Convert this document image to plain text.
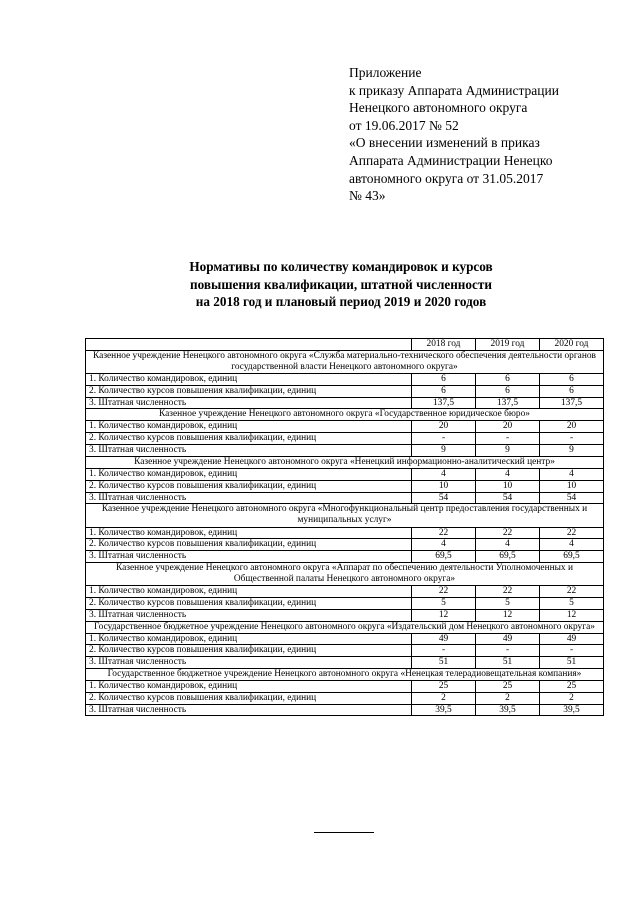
Приложение
к приказу Аппарата Администрации
Ненецкого автономного округа
от 19.06.2017 № 52
«О внесении изменений в приказ
Аппарата Администрации Ненецко
автономного округа от 31.05.2017
№ 43»
Нормативы по количеству командировок и курсов
повышения квалификации, штатной численности
на 2018 год и плановый период 2019 и 2020 годов
	2018 год	2019 год	2020 год
Казенное учреждение Ненецкого автономного округа «Служба материально-технического обеспечения деятельности органов государственной власти Ненецкого автономного округа»			
1. Количество командировок, единиц	6	6	6
2. Количество курсов повышения квалификации, единиц	6	6	6
3. Штатная численность	137,5	137,5	137,5
Казенное учреждение Ненецкого автономного округа «Государственное юридическое бюро»			
1. Количество командировок, единиц	20	20	20
2. Количество курсов повышения квалификации, единиц	-	-	-
3. Штатная численность	9	9	9
Казенное учреждение Ненецкого автономного округа «Ненецкий информационно-аналитический центр»			
1. Количество командировок, единиц	4	4	4
2. Количество курсов повышения квалификации, единиц	10	10	10
3. Штатная численность	54	54	54
Казенное учреждение Ненецкого автономного округа «Многофункциональный центр предоставления государственных и муниципальных услуг»			
1. Количество командировок, единиц	22	22	22
2. Количество курсов повышения квалификации, единиц	4	4	4
3. Штатная численность	69,5	69,5	69,5
Казенное учреждение Ненецкого автономного округа «Аппарат по обеспечению деятельности Уполномоченных и Общественной палаты Ненецкого автономного округа»			
1. Количество командировок, единиц	22	22	22
2. Количество курсов повышения квалификации, единиц	5	5	5
3. Штатная численность	12	12	12
Государственное бюджетное учреждение Ненецкого автономного округа «Издательский дом Ненецкого автономного округа»			
1. Количество командировок, единиц	49	49	49
2. Количество курсов повышения квалификации, единиц	-	-	-
3. Штатная численность	51	51	51
Государственное бюджетное учреждение Ненецкого автономного округа «Ненецкая телерадиовещательная компания»			
1. Количество командировок, единиц	25	25	25
2. Количество курсов повышения квалификации, единиц	2	2	2
3. Штатная численность	39,5	39,5	39,5
